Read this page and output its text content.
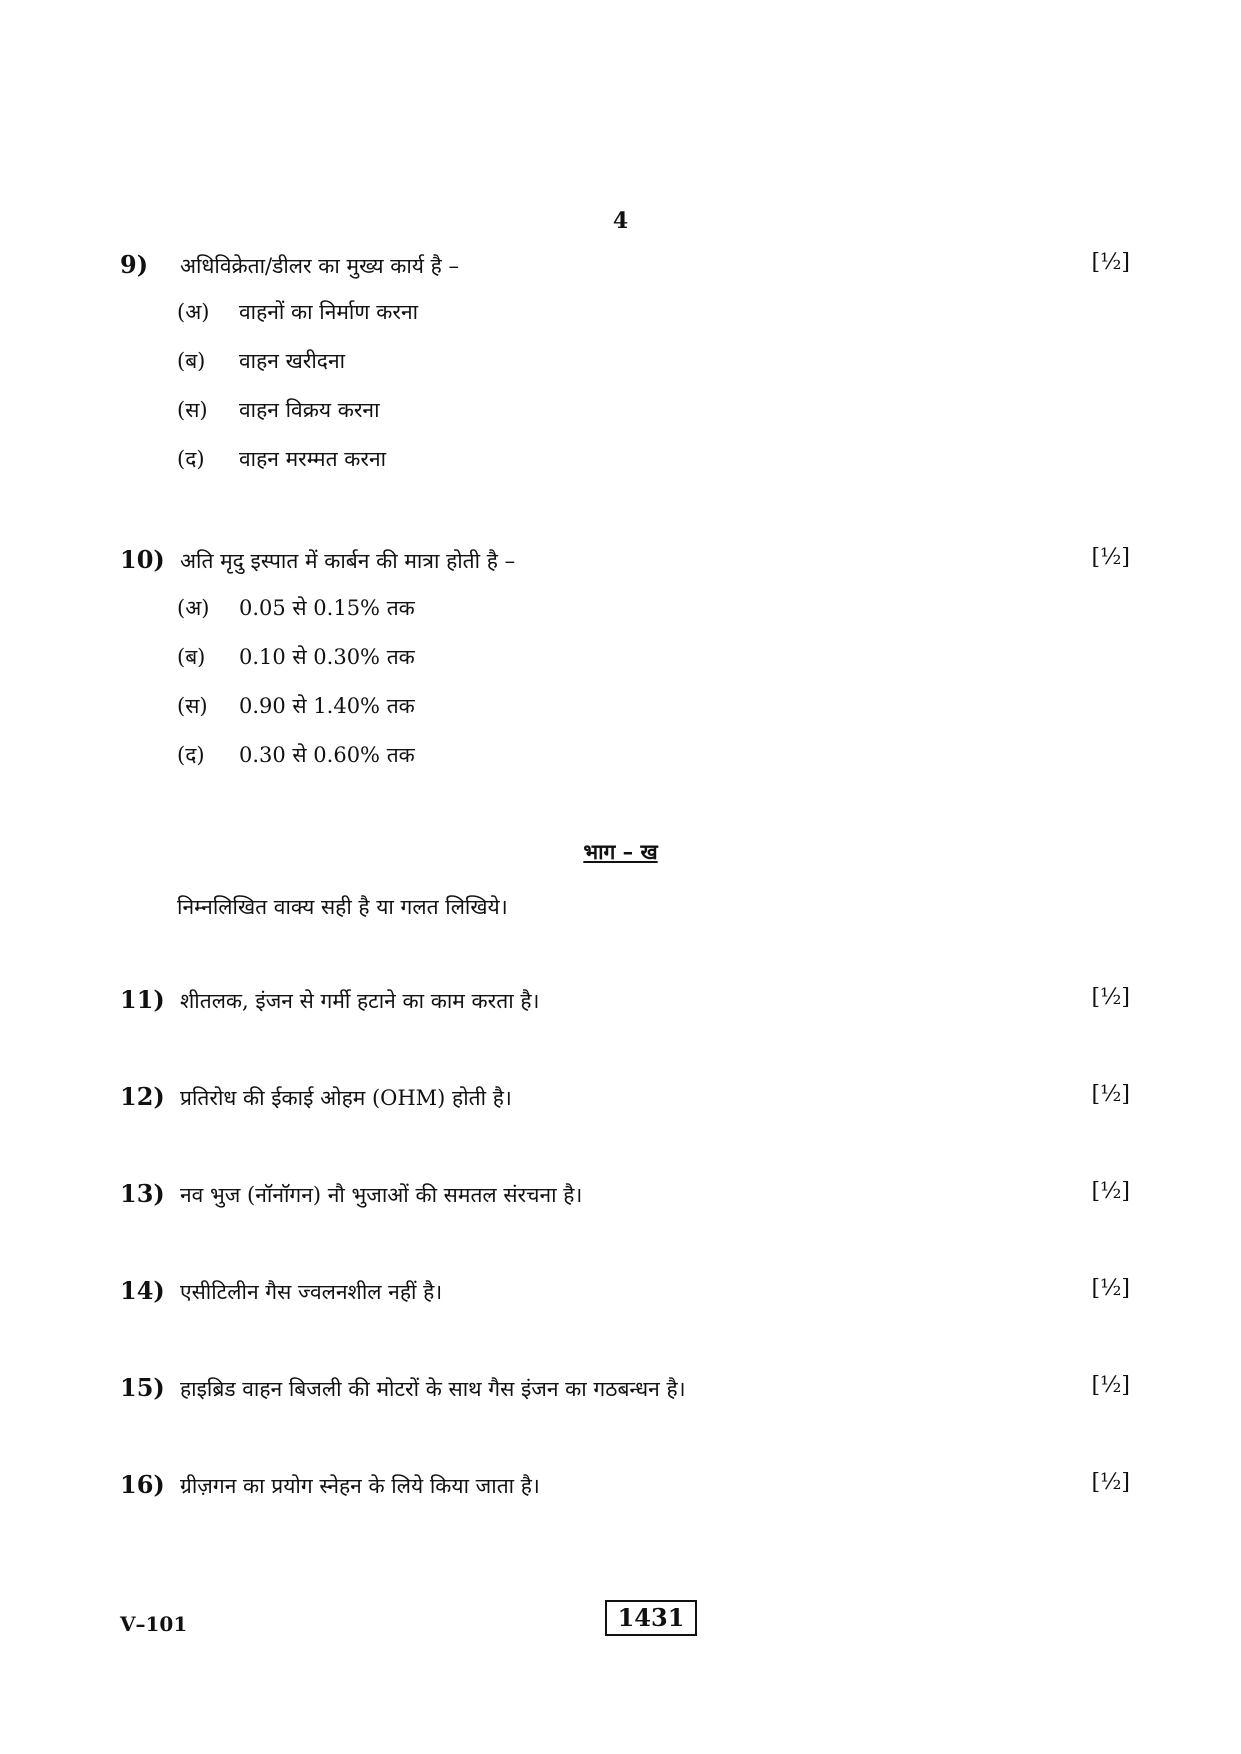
4
9) अधिविक्रेता/डीलर का मुख्य कार्य है –	[½]
(अ) वाहनों का निर्माण करना
(ब) वाहन खरीदना
(स) वाहन विक्रय करना
(द) वाहन मरम्मत करना
10) अति मृदु इस्पात में कार्बन की मात्रा होती है –	[½]
(अ) 0.05 से 0.15% तक
(ब) 0.10 से 0.30% तक
(स) 0.90 से 1.40% तक
(द) 0.30 से 0.60% तक
भाग – ख
निम्नलिखित वाक्य सही है या गलत लिखिये।
11) शीतलक, इंजन से गर्मी हटाने का काम करता है।	[½]
12) प्रतिरोध की ईकाई ओहम (OHM) होती है।	[½]
13) नव भुज (नॉनॉगन) नौ भुजाओं की समतल संरचना है।	[½]
14) एसीटिलीन गैस ज्वलनशील नहीं है।	[½]
15) हाइब्रिड वाहन बिजली की मोटरों के साथ गैस इंजन का गठबन्धन है।	[½]
16) ग्रीज़गन का प्रयोग स्नेहन के लिये किया जाता है।	[½]
V–101	1431
